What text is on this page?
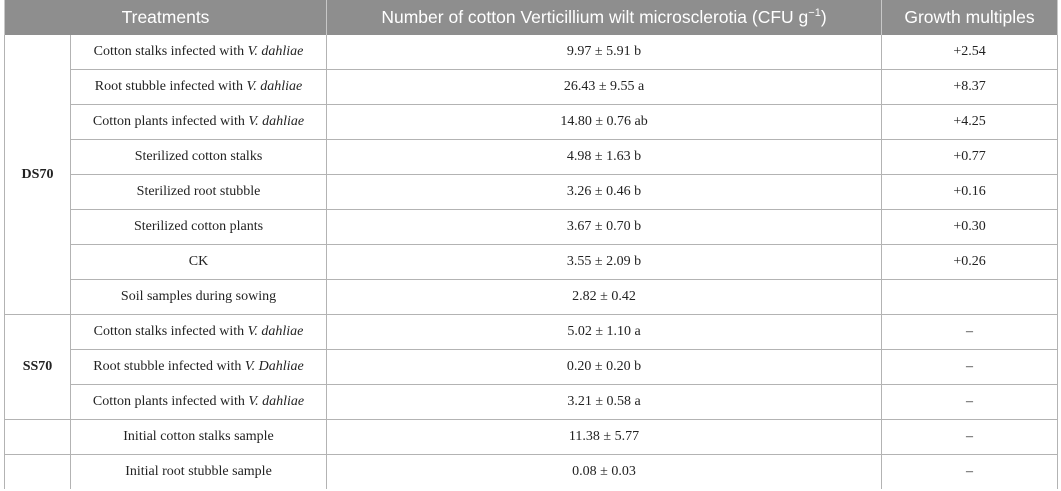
Treatments		Number of cotton Verticillium wilt microsclerotia (CFU $g^{-1}$)	Growth multiples
DS70	Cotton stalks infected with V. dahliae	9.97 ± 5.91 b	+2.54
	Root stubble infected with V. dahliae	26.43 ± 9.55 a	+8.37
	Cotton plants infected with V. dahliae	14.80 ± 0.76 ab	+4.25
	Sterilized cotton stalks	4.98 ± 1.63 b	+0.77
	Sterilized root stubble	3.26 ± 0.46 b	+0.16
	Sterilized cotton plants	3.67 ± 0.70 b	+0.30
	CK	3.55 ± 2.09 b	+0.26
	Soil samples during sowing	2.82 ± 0.42	
SS70	Cotton stalks infected with V. dahliae	5.02 ± 1.10 a	–
	Root stubble infected with V. Dahliae	0.20 ± 0.20 b	–
	Cotton plants infected with V. dahliae	3.21 ± 0.58 a	–
	Initial cotton stalks sample	11.38 ± 5.77	–
	Initial root stubble sample	0.08 ± 0.03	–
